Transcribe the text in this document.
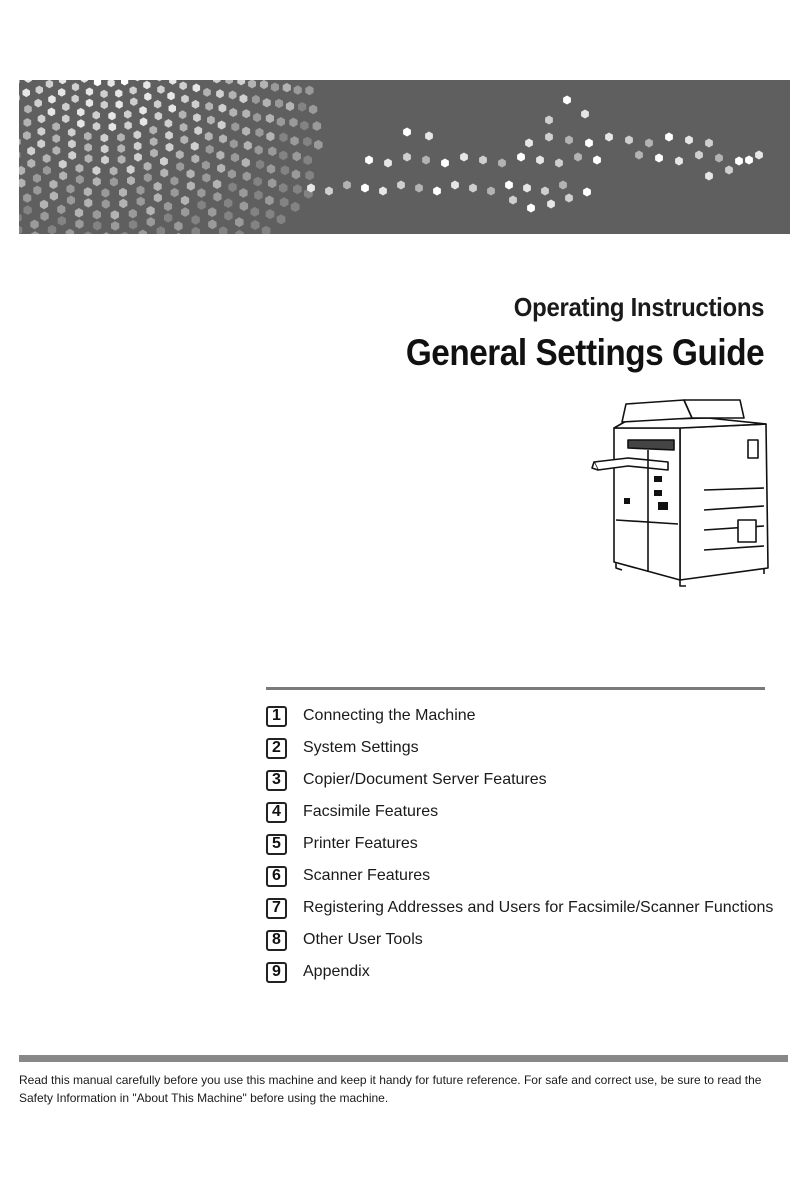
Operating Instructions
General Settings Guide
1	Connecting the Machine
2	System Settings
3	Copier/Document Server Features
4	Facsimile Features
5	Printer Features
6	Scanner Features
7	Registering Addresses and Users for Facsimile/Scanner Functions
8	Other User Tools
9	Appendix
Read this manual carefully before you use this machine and keep it handy for future reference. For safe and correct use, be sure to read the Safety Information in "About This Machine" before using the machine.
